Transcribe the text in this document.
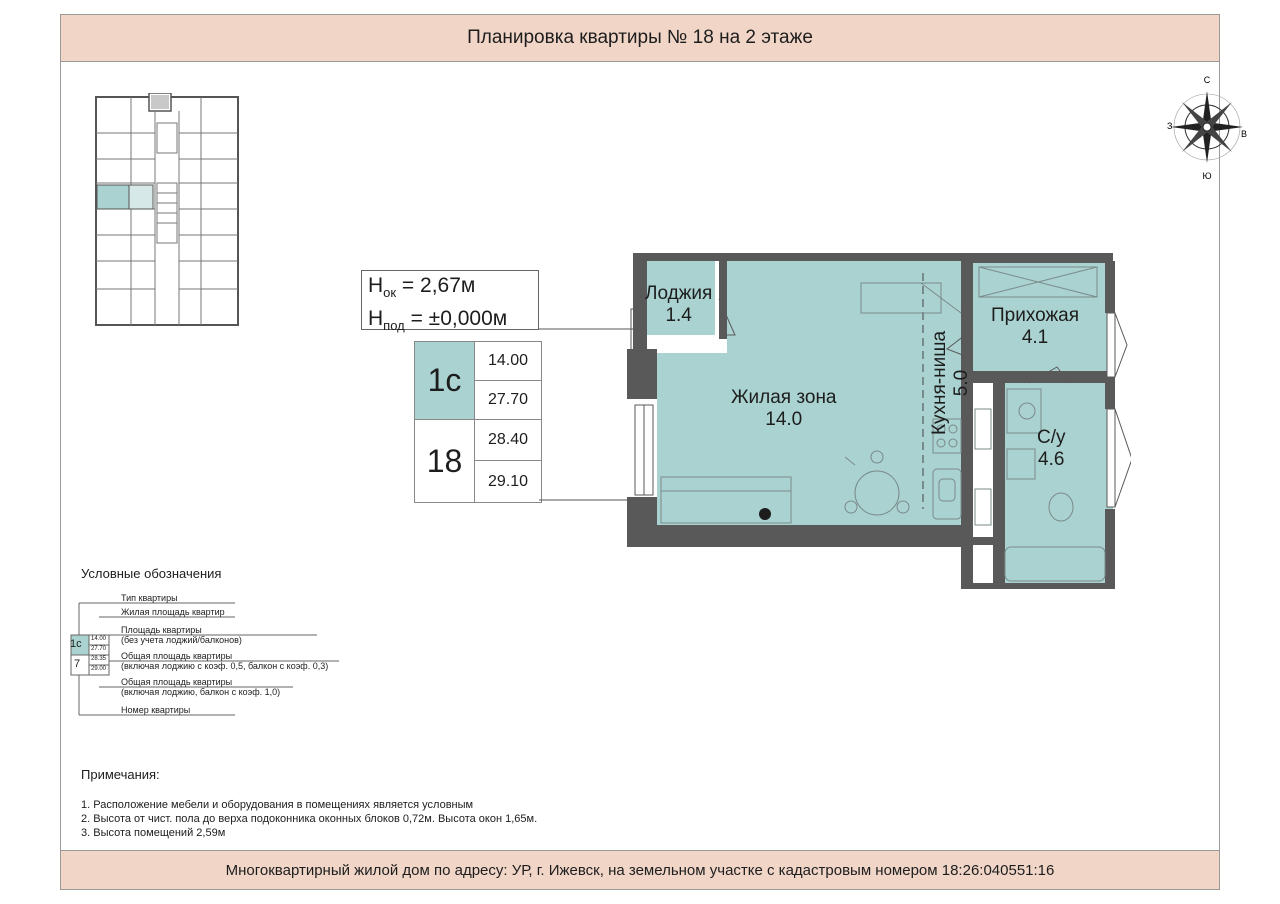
Планировка квартиры № 18 на 2 этаже
С
Ю
З
В
$H_{ок} = 2,67м$
$H_{под} = \pm 0,000м$
1с
18
14.00
27.70
28.40
29.10
Лоджия
1.4
Жилая зона
14.0	Кухня-ниша 5.0
Прихожая
4.1
С/у
4.6
Условные обозначения
1с
7
14.00
27.70
28.35
29.00
Тип квартиры
Жилая площадь квартир
Площадь квартиры
(без учета лоджий/балконов)
Общая площадь квартиры
(включая лоджию с коэф. 0,5, балкон с коэф. 0,3)
Общая площадь квартиры
(включая лоджию, балкон с коэф. 1,0)
Номер квартиры
Примечания:
1. Расположение мебели и оборудования в помещениях является условным
2. Высота от чист. пола до верха подоконника оконных блоков 0,72м. Высота окон 1,65м.
3. Высота помещений 2,59м
Многоквартирный жилой дом по адресу: УР, г. Ижевск, на земельном участке с кадастровым номером 18:26:040551:16
